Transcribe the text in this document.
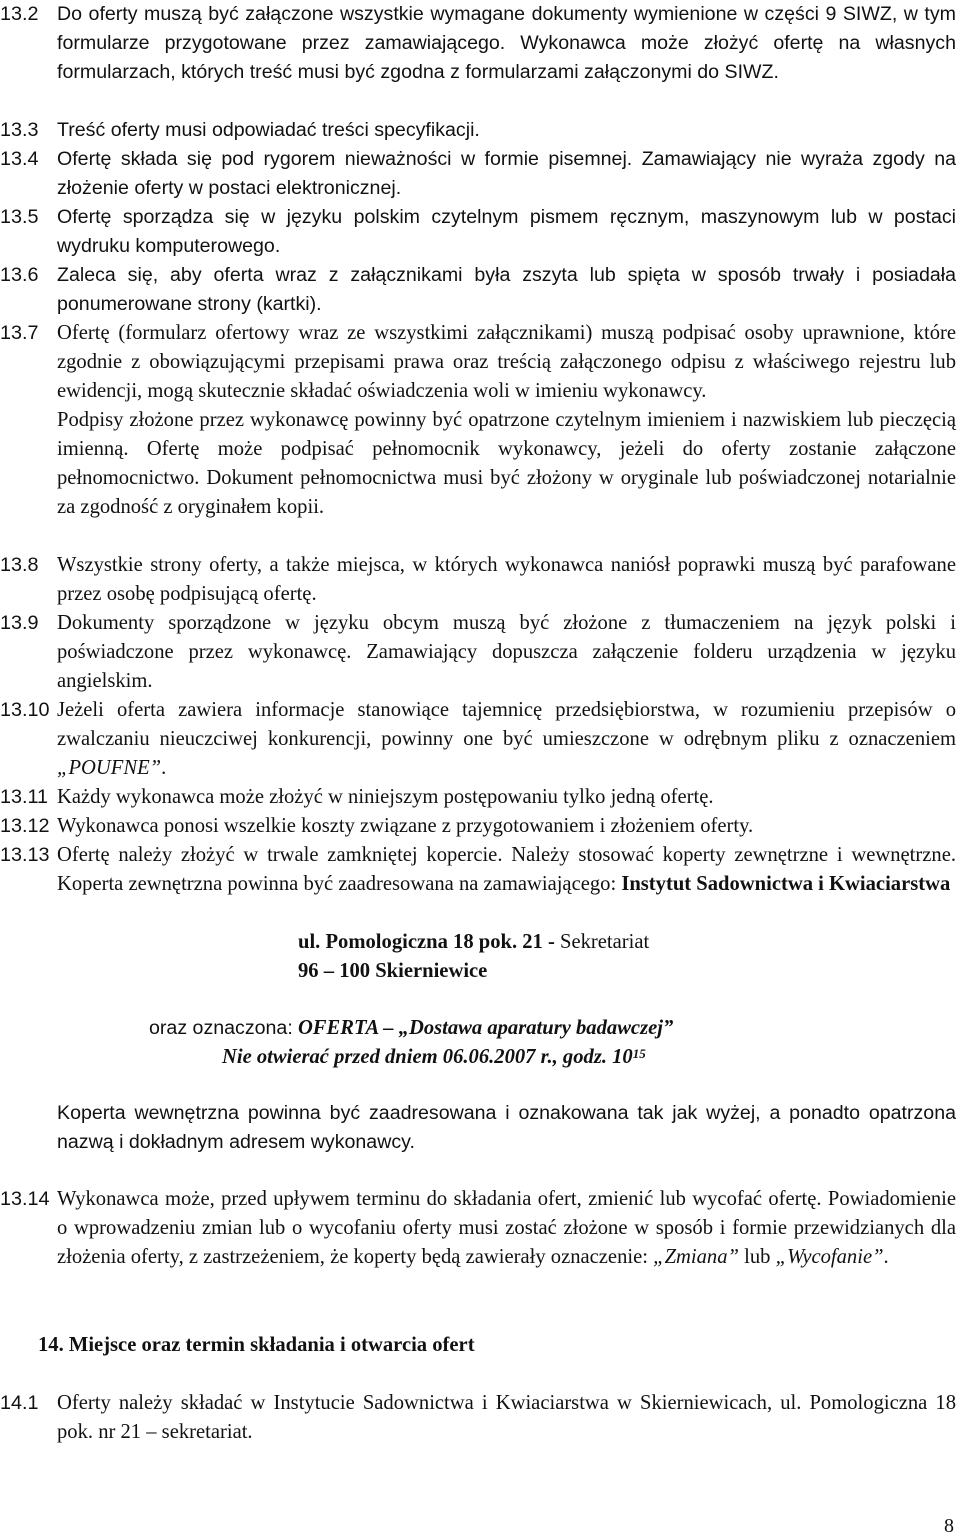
13.2 Do oferty muszą być załączone wszystkie wymagane dokumenty wymienione w części 9 SIWZ, w tym formularze przygotowane przez zamawiającego. Wykonawca może złożyć ofertę na własnych formularzach, których treść musi być zgodna z formularzami załączonymi do SIWZ.
13.3 Treść oferty musi odpowiadać treści specyfikacji.
13.4 Ofertę składa się pod rygorem nieważności w formie pisemnej. Zamawiający nie wyraża zgody na złożenie oferty w postaci elektronicznej.
13.5 Ofertę sporządza się w języku polskim czytelnym pismem ręcznym, maszynowym lub w postaci wydruku komputerowego.
13.6 Zaleca się, aby oferta wraz z załącznikami była zszyta lub spięta w sposób trwały i posiadała ponumerowane strony (kartki).
13.7 Ofertę (formularz ofertowy wraz ze wszystkimi załącznikami) muszą podpisać osoby uprawnione, które zgodnie z obowiązującymi przepisami prawa oraz treścią załączonego odpisu z właściwego rejestru lub ewidencji, mogą skutecznie składać oświadczenia woli w imieniu wykonawcy.
Podpisy złożone przez wykonawcę powinny być opatrzone czytelnym imieniem i nazwiskiem lub pieczęcią imienną. Ofertę może podpisać pełnomocnik wykonawcy, jeżeli do oferty zostanie załączone pełnomocnictwo. Dokument pełnomocnictwa musi być złożony w oryginale lub poświadczonej notarialnie za zgodność z oryginałem kopii.
13.8 Wszystkie strony oferty, a także miejsca, w których wykonawca naniósł poprawki muszą być parafowane przez osobę podpisującą ofertę.
13.9 Dokumenty sporządzone w języku obcym muszą być złożone z tłumaczeniem na język polski i poświadczone przez wykonawcę. Zamawiający dopuszcza załączenie folderu urządzenia w języku angielskim.
13.10 Jeżeli oferta zawiera informacje stanowiące tajemnicę przedsiębiorstwa, w rozumieniu przepisów o zwalczaniu nieuczciwej konkurencji, powinny one być umieszczone w odrębnym pliku z oznaczeniem „POUFNE”.
13.11 Każdy wykonawca może złożyć w niniejszym postępowaniu tylko jedną ofertę.
13.12 Wykonawca ponosi wszelkie koszty związane z przygotowaniem i złożeniem oferty.
13.13 Ofertę należy złożyć w trwale zamkniętej kopercie. Należy stosować koperty zewnętrzne i wewnętrzne. Koperta zewnętrzna powinna być zaadresowana na zamawiającego: Instytut Sadownictwa i Kwiaciarstwa
ul. Pomologiczna 18 pok. 21 - Sekretariat
96 – 100 Skierniewice
oraz oznaczona: OFERTA – „Dostawa aparatury badawczej”
Nie otwierać przed dniem 06.06.2007 r., godz. $10^{15}$
Koperta wewnętrzna powinna być zaadresowana i oznakowana tak jak wyżej, a ponadto opatrzona nazwą i dokładnym adresem wykonawcy.
13.14 Wykonawca może, przed upływem terminu do składania ofert, zmienić lub wycofać ofertę. Powiadomienie o wprowadzeniu zmian lub o wycofaniu oferty musi zostać złożone w sposób i formie przewidzianych dla złożenia oferty, z zastrzeżeniem, że koperty będą zawierały oznaczenie: „Zmiana” lub „Wycofanie”.
14. Miejsce oraz termin składania i otwarcia ofert
14.1 Oferty należy składać w Instytucie Sadownictwa i Kwiaciarstwa w Skierniewicach, ul. Pomologiczna 18 pok. nr 21 – sekretariat.
8
